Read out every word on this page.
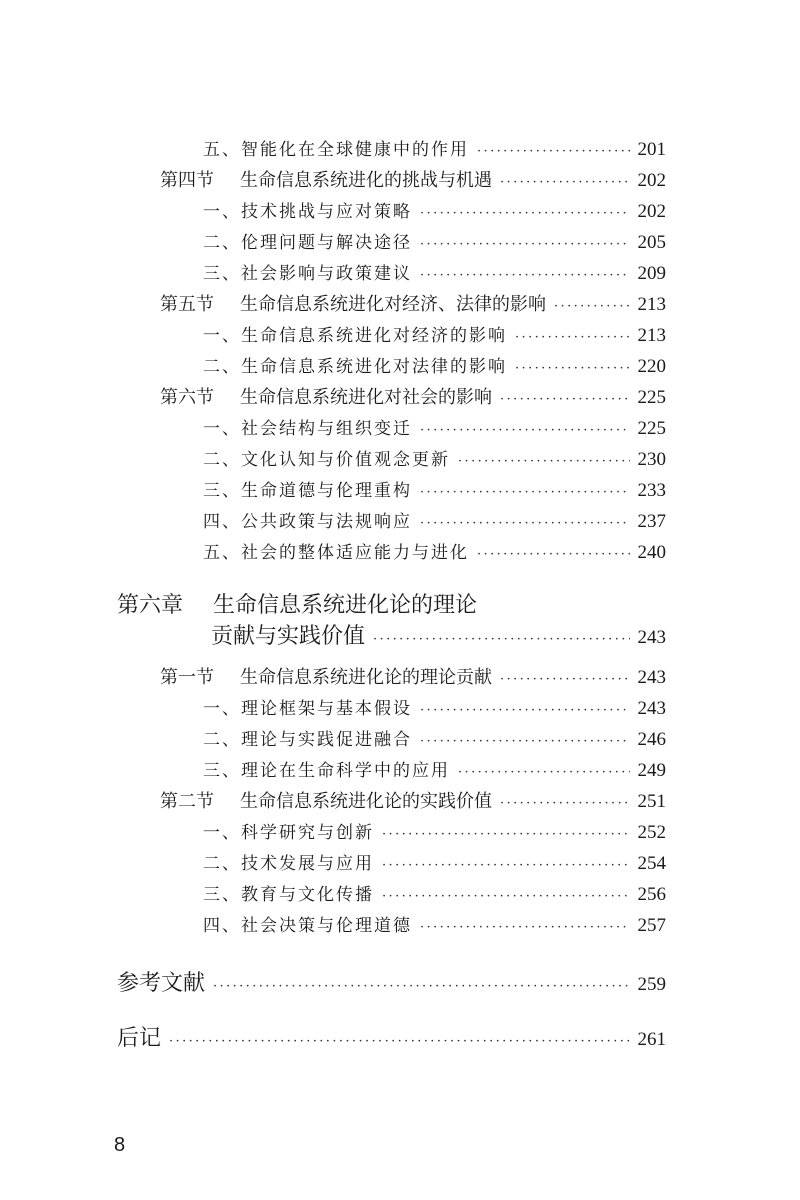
五、智能化在全球健康中的作用 ·····	201
第四节 生命信息系统进化的挑战与机遇 ·····	202
一、技术挑战与应对策略 ·····	202
二、伦理问题与解决途径 ·····	205
三、社会影响与政策建议 ·····	209
第五节 生命信息系统进化对经济、法律的影响 ·····	213
一、生命信息系统进化对经济的影响 ·····	213
二、生命信息系统进化对法律的影响 ·····	220
第六节 生命信息系统进化对社会的影响 ·····	225
一、社会结构与组织变迁 ·····	225
二、文化认知与价值观念更新 ·····	230
三、生命道德与伦理重构 ·····	233
四、公共政策与法规响应 ·····	237
五、社会的整体适应能力与进化 ·····	240
第六章 生命信息系统进化论的理论
贡献与实践价值 ·····	243
第一节 生命信息系统进化论的理论贡献 ·····	243
一、理论框架与基本假设 ·····	243
二、理论与实践促进融合 ·····	246
三、理论在生命科学中的应用 ·····	249
第二节 生命信息系统进化论的实践价值 ·····	251
一、科学研究与创新 ·····	252
二、技术发展与应用 ·····	254
三、教育与文化传播 ·····	256
四、社会决策与伦理道德 ·····	257
参考文献 ·····	259
后记 ·····	261
8
